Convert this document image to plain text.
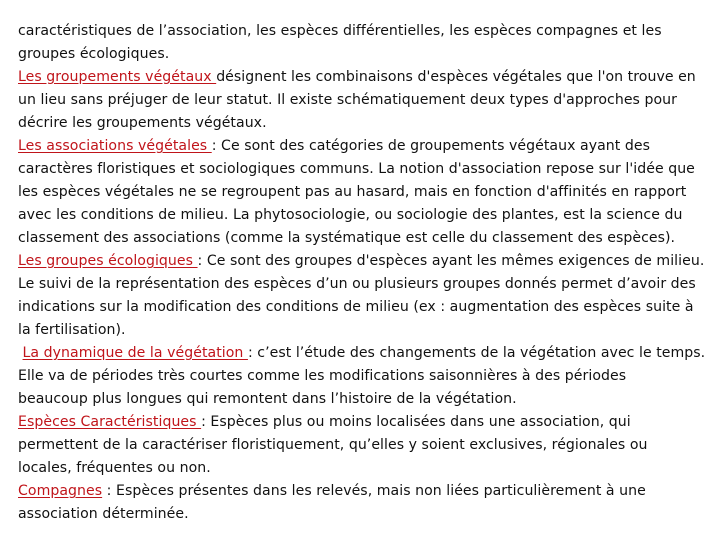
caractéristiques de l’association, les espèces différentielles, les espèces compagnes et les
groupes écologiques.
Les groupements végétaux désignent les combinaisons d'espèces végétales que l'on trouve en
un lieu sans préjuger de leur statut. Il existe schématiquement deux types d'approches pour
décrire les groupements végétaux.
Les associations végétales : Ce sont des catégories de groupements végétaux ayant des
caractères floristiques et sociologiques communs. La notion d'association repose sur l'idée que
les espèces végétales ne se regroupent pas au hasard, mais en fonction d'affinités en rapport
avec les conditions de milieu. La phytosociologie, ou sociologie des plantes, est la science du
classement des associations (comme la systématique est celle du classement des espèces).
Les groupes écologiques : Ce sont des groupes d'espèces ayant les mêmes exigences de milieu.
Le suivi de la représentation des espèces d’un ou plusieurs groupes donnés permet d’avoir des
indications sur la modification des conditions de milieu (ex : augmentation des espèces suite à
la fertilisation).
La dynamique de la végétation : c’est l’étude des changements de la végétation avec le temps.
Elle va de périodes très courtes comme les modifications saisonnières à des périodes
beaucoup plus longues qui remontent dans l’histoire de la végétation.
Espèces Caractéristiques : Espèces plus ou moins localisées dans une association, qui
permettent de la caractériser floristiquement, qu’elles y soient exclusives, régionales ou
locales, fréquentes ou non.
Compagnes : Espèces présentes dans les relevés, mais non liées particulièrement à une
association déterminée.
